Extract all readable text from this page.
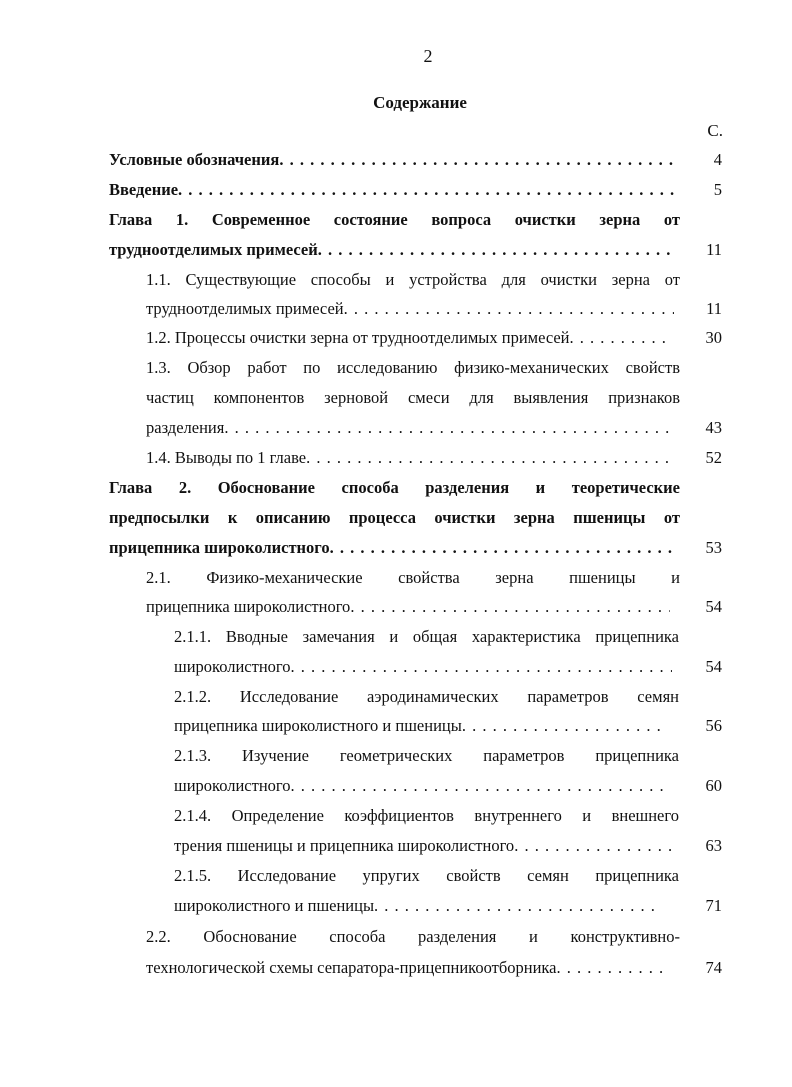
2
Содержание
С.
Условные обозначения . . .	4
Введение . . .	5
Глава 1. Современное состояние вопроса очистки зерна от
трудноотделимых примесей . . .	11
1.1. Существующие способы и устройства для очистки зерна от
трудноотделимых примесей . . .	11
1.2. Процессы очистки зерна от трудноотделимых примесей . . .	30
1.3. Обзор работ по исследованию физико-механических свойств
частиц компонентов зерновой смеси для выявления признаков
разделения . . .	43
1.4. Выводы по 1 главе . . .	52
Глава 2. Обоснование способа разделения и теоретические
предпосылки к описанию процесса очистки зерна пшеницы от
прицепника широколистного . . .	53
2.1. Физико-механические свойства зерна пшеницы и
прицепника широколистного . . .	54
2.1.1. Вводные замечания и общая характеристика прицепника
широколистного . . .	54
2.1.2. Исследование аэродинамических параметров семян
прицепника широколистного и пшеницы . . .	56
2.1.3. Изучение геометрических параметров прицепника
широколистного . . .	60
2.1.4. Определение коэффициентов внутреннего и внешнего
трения пшеницы и прицепника широколистного . . .	63
2.1.5. Исследование упругих свойств семян прицепника
широколистного и пшеницы . . .	71
2.2. Обоснование способа разделения и конструктивно-
технологической схемы сепаратора-прицепникоотборника . . .	74
